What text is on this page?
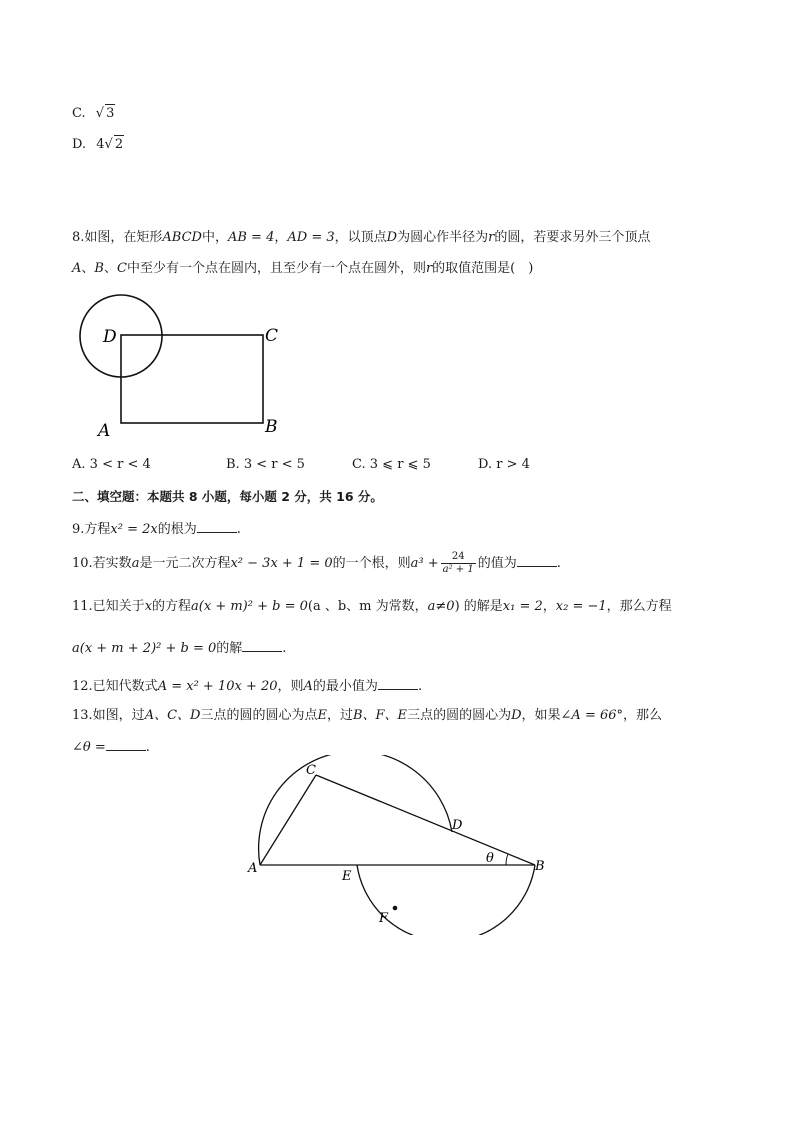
C. √ 3
D. 4√ 2
8.如图，在矩形ABCD中，AB = 4，AD = 3，以顶点D为圆心作半径为r的圆，若要求另外三个顶点
A、B、C中至少有一个点在圆内，且至少有一个点在圆外，则r的取值范围是(　)
D	C
A	B
A. 3 < r < 4	B. 3 < r < 5	C. 3 ⩽ r ⩽ 5	D. r > 4
二、填空题：本题共 8 小题，每小题 2 分，共 16 分。
9.方程x² = 2x的根为	.
10.若实数a是一元二次方程x² − 3x + 1 = 0的一个根，则$a^3 + \frac{24}{\text{a² + 1}}$ 的值为	.
11.已知关于x的方程a(x + m)² + b = 0(a 、b、m 为常数，a≠0) 的解是x₁ = 2，x₂ = −1，那么方程
a(x + m + 2)² + b = 0的解	.
12.已知代数式A = x² + 10x + 20，则A的最小值为	.
13.如图，过A、C、D三点的圆的圆心为点E，过B、F、E三点的圆的圆心为D，如果∠A = 66°，那么
∠θ =	.
C
D
A
E
B
F
θ
